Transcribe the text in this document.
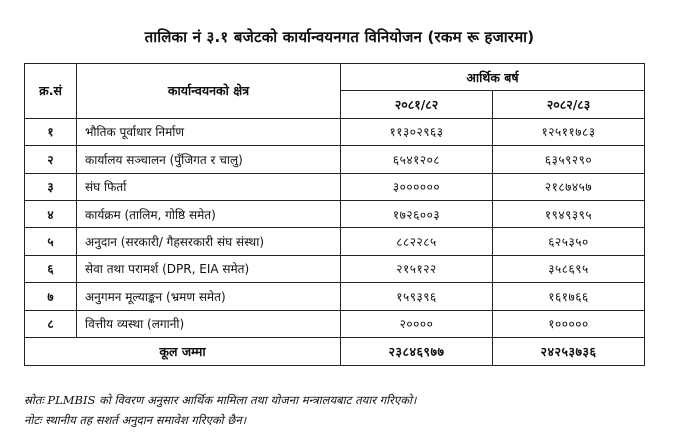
तालिका नं ३.१ बजेटको कार्यान्वयनगत विनियोजन (रकम रू हजारमा)
क्र.सं	कार्यान्वयनको क्षेत्र	आर्थिक बर्ष	
		२०८१/८२	२०८२/८३
१	भौतिक पूर्वाधार निर्माण	११३०२९६३	१२५११७८३
२	कार्यालय सञ्चालन (पुँजिगत र चालु)	६५४१२०८	६३५९२९०
३	संघ फिर्ता	३००००००	२१८७४५७
४	कार्यक्रम (तालिम, गोष्ठि समेत)	१७२६००३	१९४९३९५
५	अनुदान (सरकारी/ गैहसरकारी संघ संस्था)	८८२२८५	६२५३५०
६	सेवा तथा परामर्श (DPR, EIA समेत)	२१५१२२	३५८६९५
७	अनुगमन मूल्याङ्कन (भ्रमण समेत)	१५९३९६	१६१७६६
८	वित्तीय व्यस्था (लगानी)	२००००	१०००००
कूल जम्मा		२३८४६९७७	२४२५३७३६
स्रोतः PLMBIS को विवरण अनुसार आर्थिक मामिला तथा योजना मन्त्रालयबाट तयार गरिएको।
नोटः स्थानीय तह सशर्त अनुदान समावेश गरिएको छैन।
